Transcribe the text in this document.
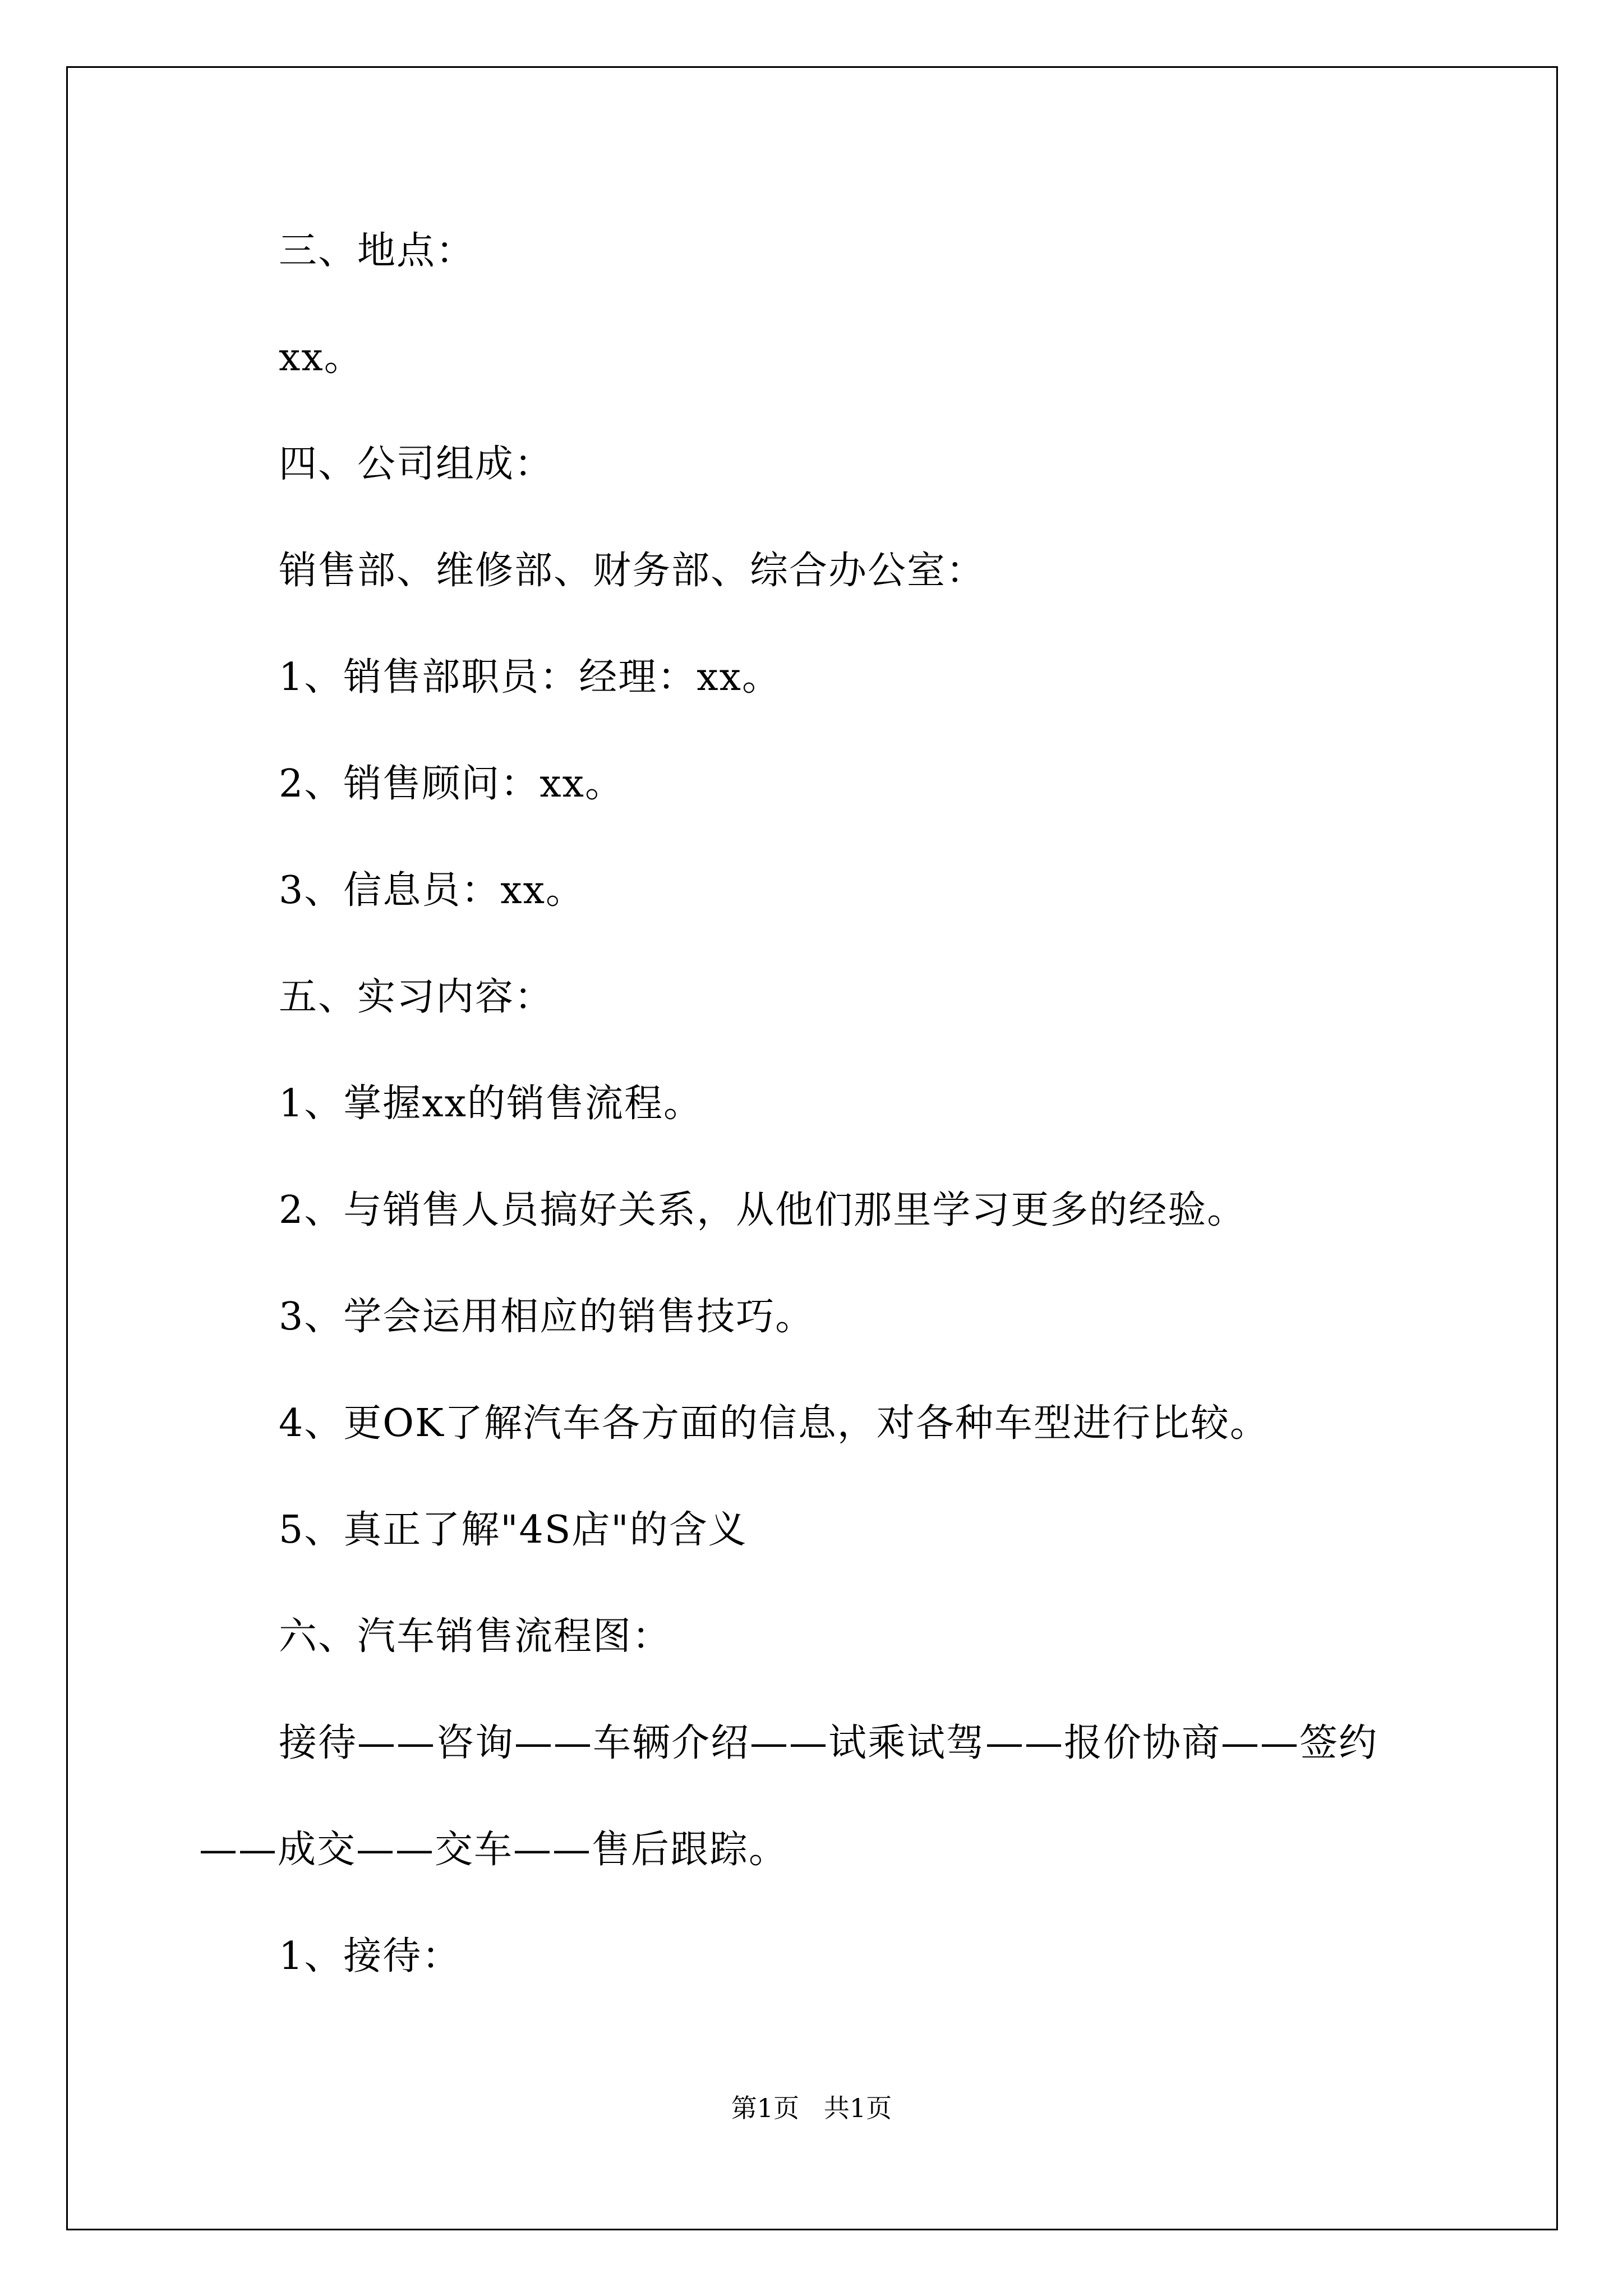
三、地点：
xx。
四、公司组成：
销售部、维修部、财务部、综合办公室：
1、销售部职员：经理：xx。
2、销售顾问：xx。
3、信息员：xx。
五、实习内容：
1、掌握xx的销售流程。
2、与销售人员搞好关系，从他们那里学习更多的经验。
3、学会运用相应的销售技巧。
4、更OK了解汽车各方面的信息，对各种车型进行比较。
5、真正了解"4S店"的含义
六、汽车销售流程图：
接待——咨询——车辆介绍——试乘试驾——报价协商——签约
——成交——交车——售后跟踪。
1、接待：
第1页   共1页
